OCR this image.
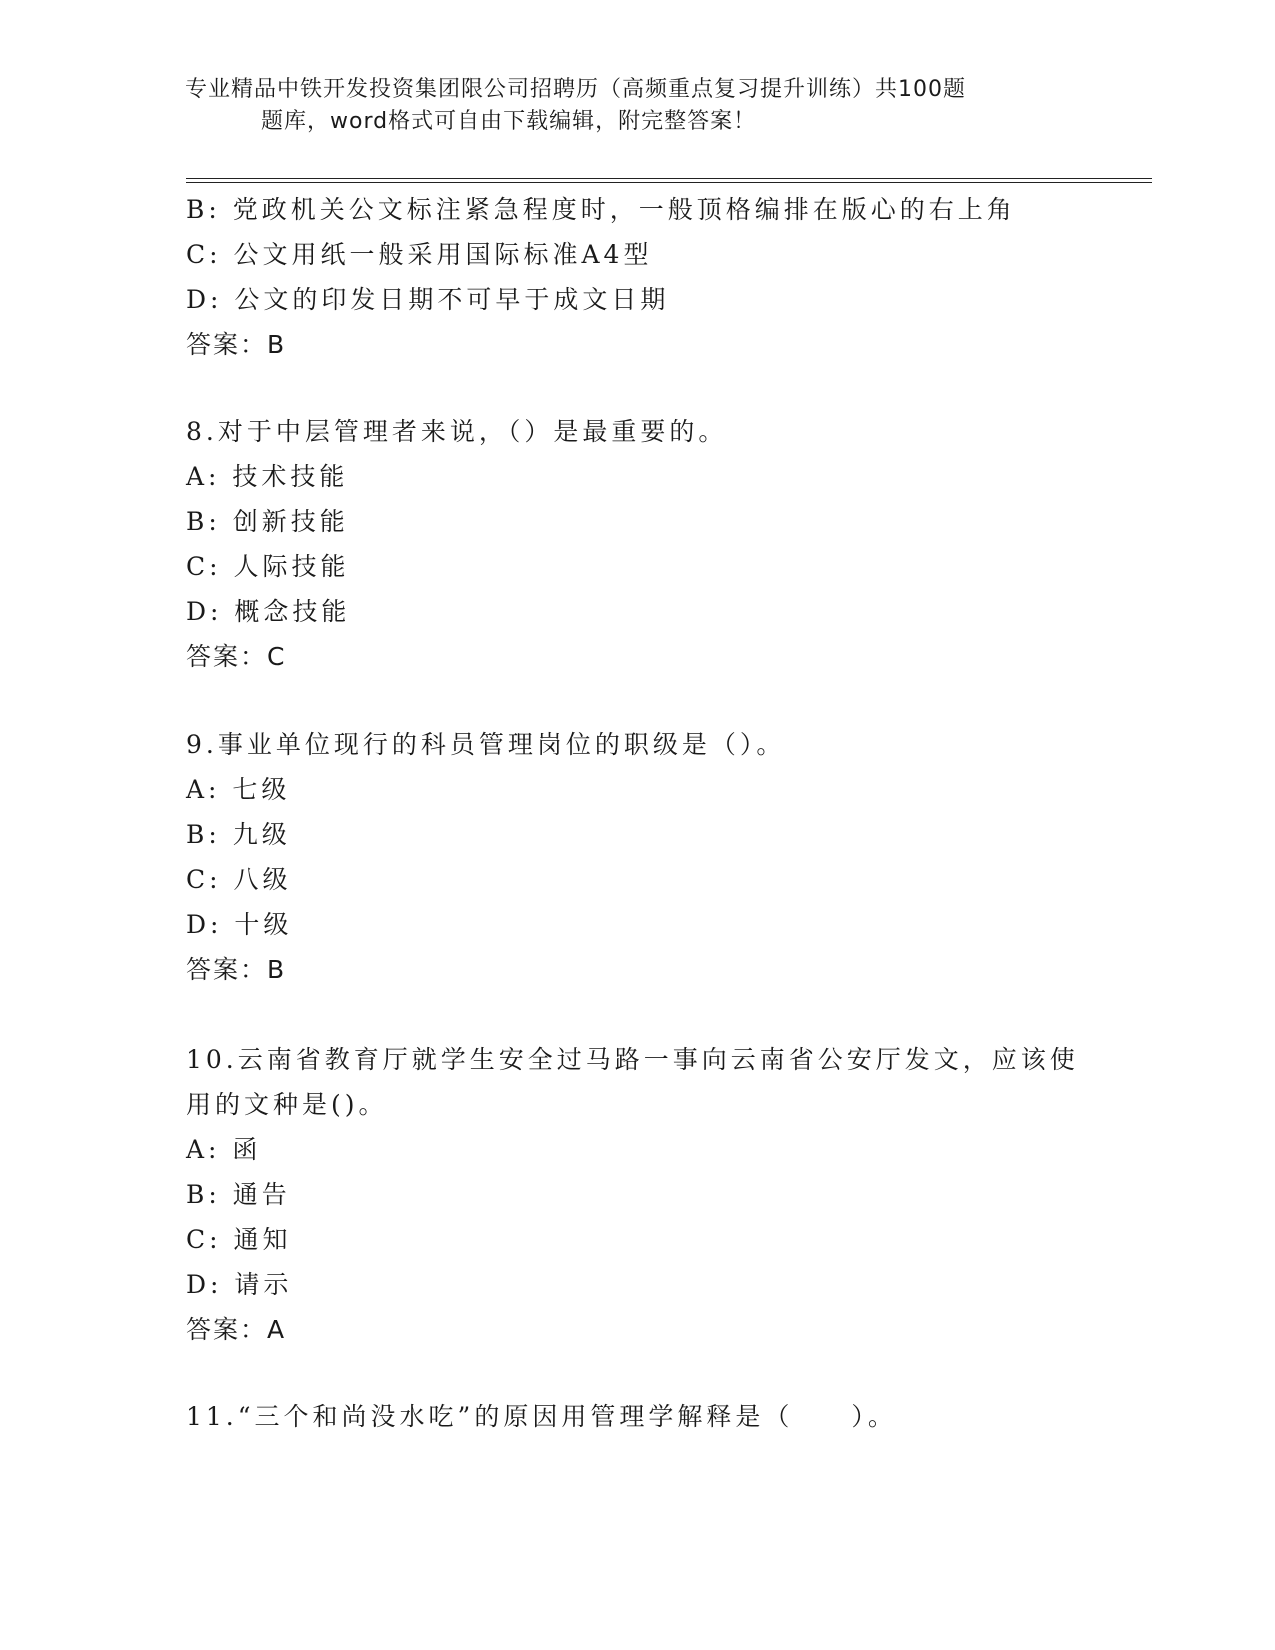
专业精品中铁开发投资集团限公司招聘历（高频重点复习提升训练）共100题
题库，word格式可自由下载编辑，附完整答案！
B: 党政机关公文标注紧急程度时，一般顶格编排在版心的右上角
C: 公文用纸一般采用国际标准A4型
D: 公文的印发日期不可早于成文日期
答案：B
8.对于中层管理者来说，（）是最重要的。
A: 技术技能
B: 创新技能
C: 人际技能
D: 概念技能
答案：C
9.事业单位现行的科员管理岗位的职级是（）。
A: 七级
B: 九级
C: 八级
D: 十级
答案：B
10.云南省教育厅就学生安全过马路一事向云南省公安厅发文，应该使
用的文种是()。
A: 函
B: 通告
C: 通知
D: 请示
答案：A
11.“三个和尚没水吃”的原因用管理学解释是（　　）。
